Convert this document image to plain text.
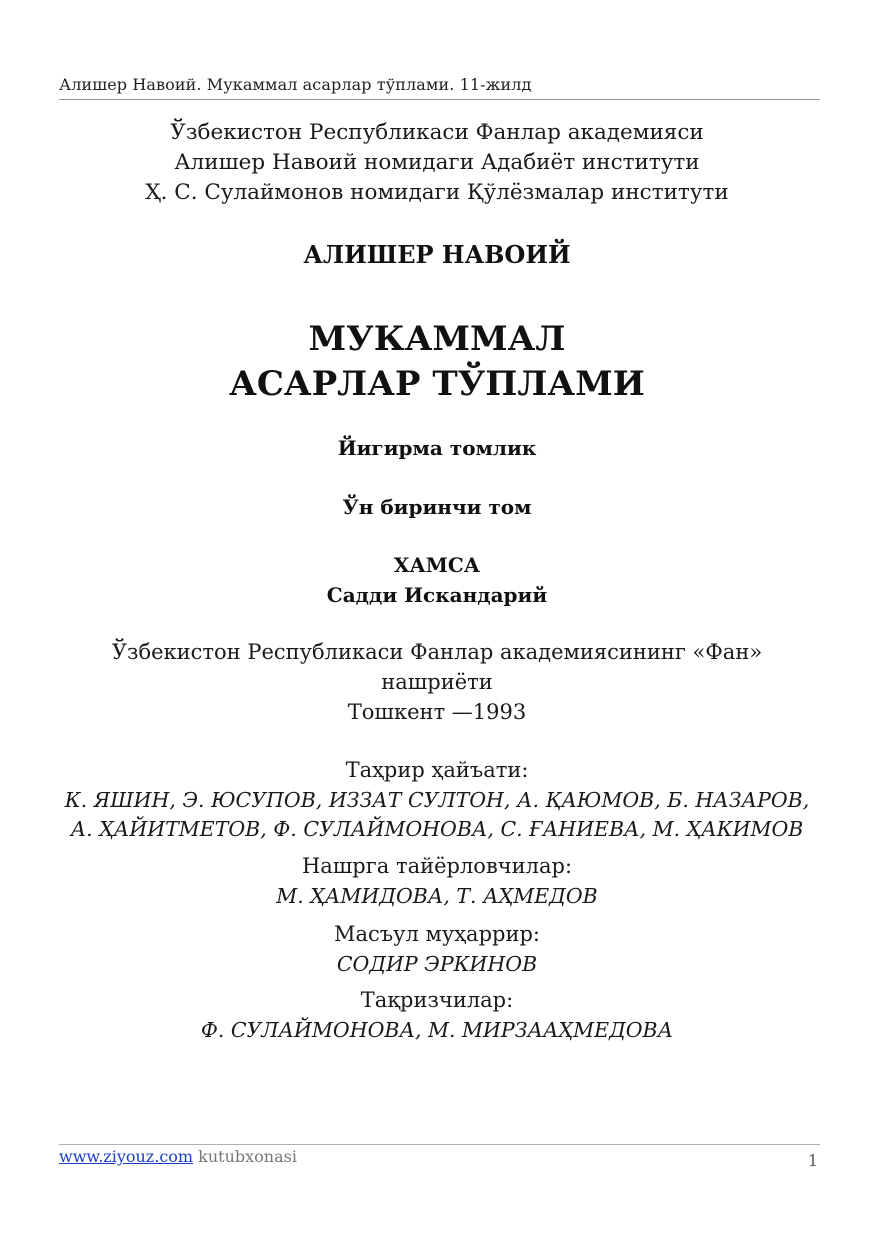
Алишер Навоий. Мукаммал асарлар тўплами. 11-жилд
Ўзбекистон Республикаси Фанлар академияси
Алишер Навоий номидаги Адабиёт институти
Ҳ. С. Сулаймонов номидаги Қўлёзмалар институти
АЛИШЕР НАВОИЙ
МУКАММАЛ
АСАРЛАР ТЎПЛАМИ
Йигирма томлик
Ўн биринчи том
ХАМСА
Садди Искандарий
Ўзбекистон Республикаси Фанлар академиясининг «Фан»
нашриёти
Тошкент —1993
Таҳрир ҳайъати:
К. ЯШИН, Э. ЮСУПОВ, ИЗЗАТ СУЛТОН, А. ҚАЮМОВ, Б. НАЗАРОВ,
А. ҲАЙИТМЕТОВ, Ф. СУЛАЙМОНОВА, С. ҒАНИЕВА, М. ҲАКИМОВ
Нашрга тайёрловчилар:
М. ҲАМИДОВА, Т. АҲМЕДОВ
Масъул муҳаррир:
СОДИР ЭРКИНОВ
Тақризчилар:
Ф. СУЛАЙМОНОВА, М. МИРЗААҲМЕДОВА
www.ziyouz.com kutubxonasi	1
